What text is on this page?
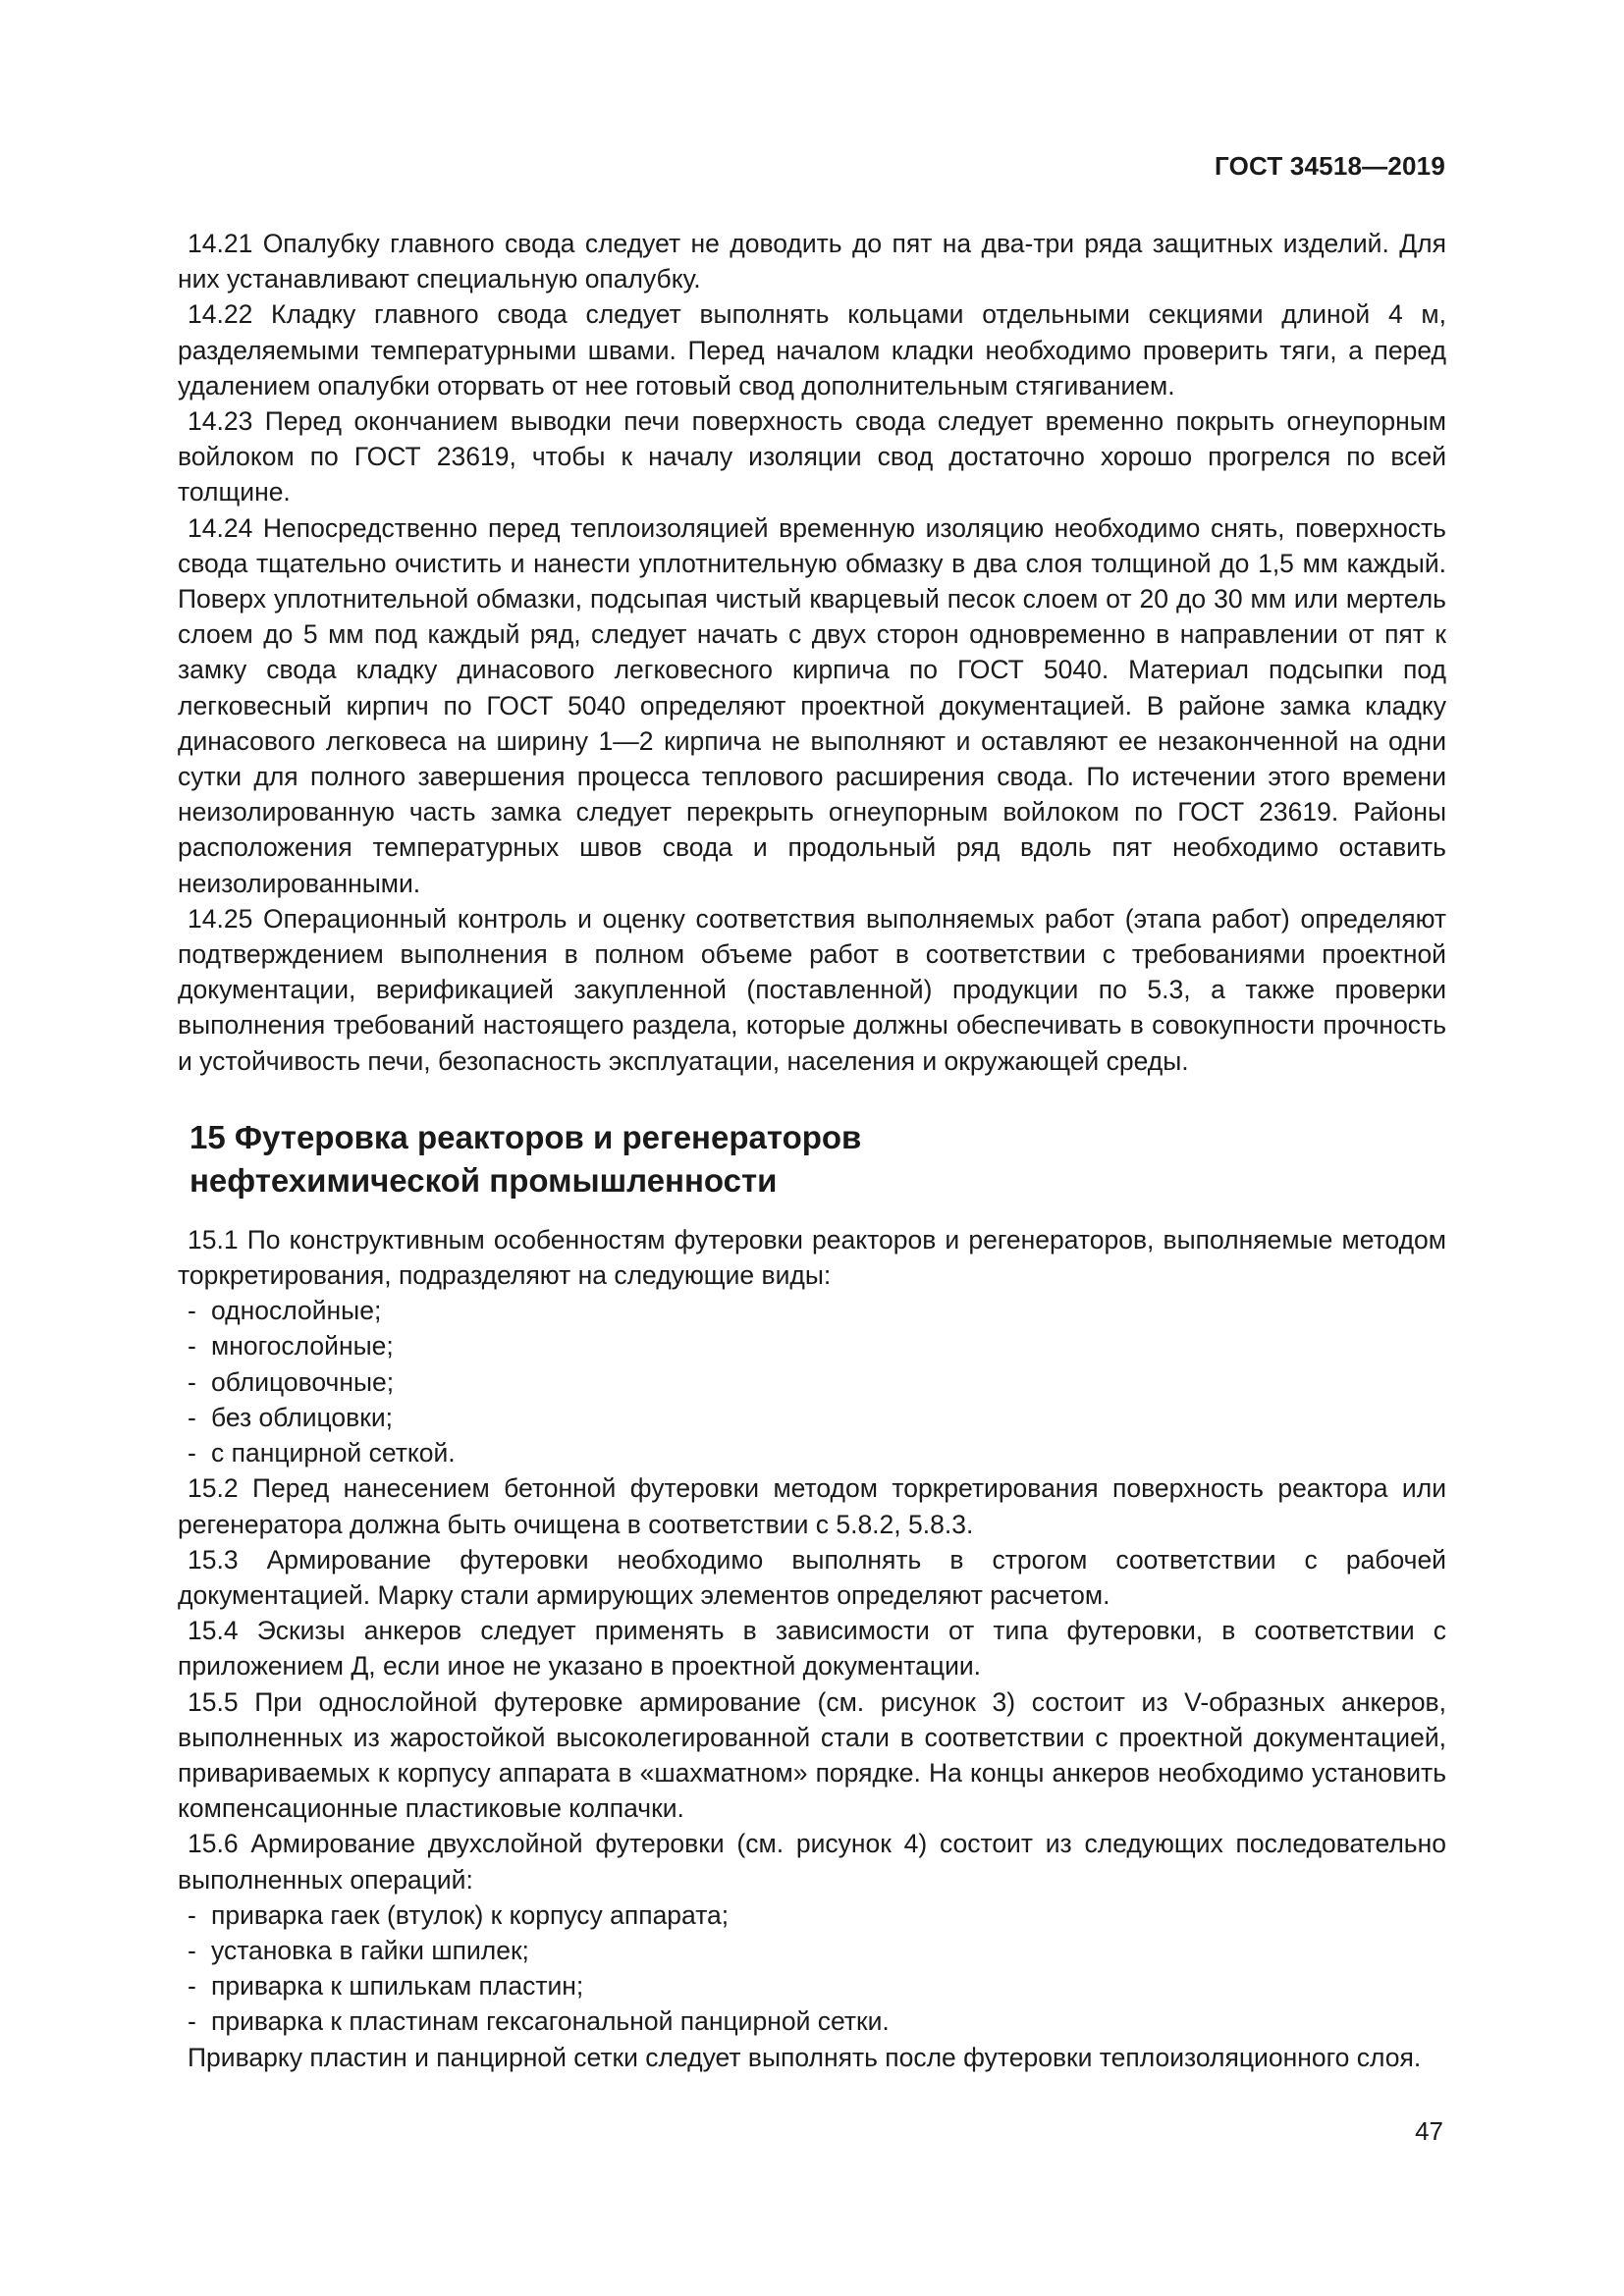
ГОСТ 34518—2019

14.21 Опалубку главного свода следует не доводить до пят на два-три ряда защитных изделий. Для них устанавливают специальную опалубку.

14.22 Кладку главного свода следует выполнять кольцами отдельными секциями длиной 4 м, разделяемыми температурными швами. Перед началом кладки необходимо проверить тяги, а перед удалением опалубки оторвать от нее готовый свод дополнительным стягиванием.

14.23 Перед окончанием выводки печи поверхность свода следует временно покрыть огнеупорным войлоком по ГОСТ 23619, чтобы к началу изоляции свод достаточно хорошо прогрелся по всей толщине.

14.24 Непосредственно перед теплоизоляцией временную изоляцию необходимо снять, поверхность свода тщательно очистить и нанести уплотнительную обмазку в два слоя толщиной до 1,5 мм каждый. Поверх уплотнительной обмазки, подсыпая чистый кварцевый песок слоем от 20 до 30 мм или мертель слоем до 5 мм под каждый ряд, следует начать с двух сторон одновременно в направлении от пят к замку свода кладку динасового легковесного кирпича по ГОСТ 5040. Материал подсыпки под легковесный кирпич по ГОСТ 5040 определяют проектной документацией. В районе замка кладку динасового легковеса на ширину 1—2 кирпича не выполняют и оставляют ее незаконченной на одни сутки для полного завершения процесса теплового расширения свода. По истечении этого времени неизолированную часть замка следует перекрыть огнеупорным войлоком по ГОСТ 23619. Районы расположения температурных швов свода и продольный ряд вдоль пят необходимо оставить неизолированными.

14.25 Операционный контроль и оценку соответствия выполняемых работ (этапа работ) определяют подтверждением выполнения в полном объеме работ в соответствии с требованиями проектной документации, верификацией закупленной (поставленной) продукции по 5.3, а также проверки выполнения требований настоящего раздела, которые должны обеспечивать в совокупности прочность и устойчивость печи, безопасность эксплуатации, населения и окружающей среды.

15 Футеровка реакторов и регенераторов
нефтехимической промышленности

15.1 По конструктивным особенностям футеровки реакторов и регенераторов, выполняемые методом торкретирования, подразделяют на следующие виды:

- однослойные;
- многослойные;
- облицовочные;
- без облицовки;
- с панцирной сеткой.

15.2 Перед нанесением бетонной футеровки методом торкретирования поверхность реактора или регенератора должна быть очищена в соответствии с 5.8.2, 5.8.3.

15.3 Армирование футеровки необходимо выполнять в строгом соответствии с рабочей документацией. Марку стали армирующих элементов определяют расчетом.

15.4 Эскизы анкеров следует применять в зависимости от типа футеровки, в соответствии с приложением Д, если иное не указано в проектной документации.

15.5 При однослойной футеровке армирование (см. рисунок 3) состоит из V-образных анкеров, выполненных из жаростойкой высоколегированной стали в соответствии с проектной документацией, привариваемых к корпусу аппарата в «шахматном» порядке. На концы анкеров необходимо установить компенсационные пластиковые колпачки.

15.6 Армирование двухслойной футеровки (см. рисунок 4) состоит из следующих последовательно выполненных операций:

- приварка гаек (втулок) к корпусу аппарата;
- установка в гайки шпилек;
- приварка к шпилькам пластин;
- приварка к пластинам гексагональной панцирной сетки.

Приварку пластин и панцирной сетки следует выполнять после футеровки теплоизоляционного слоя.

47
